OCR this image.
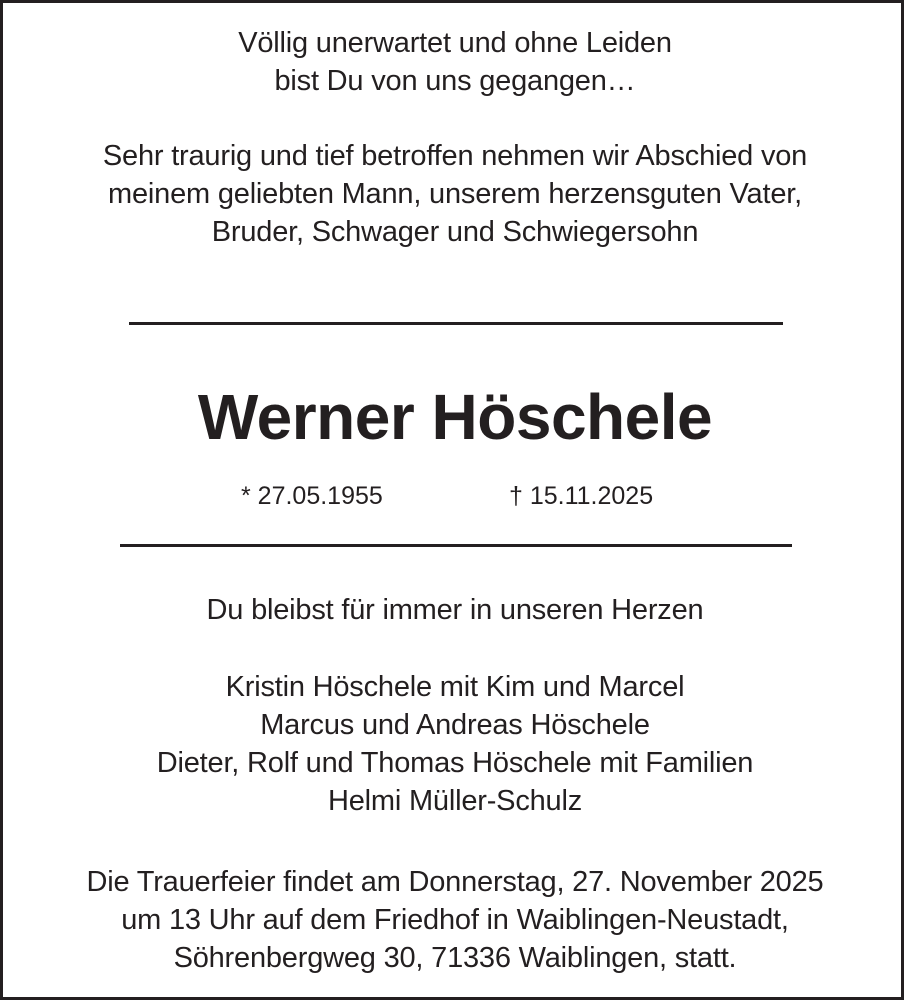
Völlig unerwartet und ohne Leiden
bist Du von uns gegangen…
Sehr traurig und tief betroffen nehmen wir Abschied von
meinem geliebten Mann, unserem herzensguten Vater,
Bruder, Schwager und Schwiegersohn
Werner Höschele
* 27.05.1955	† 15.11.2025
Du bleibst für immer in unseren Herzen
Kristin Höschele mit Kim und Marcel
Marcus und Andreas Höschele
Dieter, Rolf und Thomas Höschele mit Familien
Helmi Müller-Schulz
Die Trauerfeier findet am Donnerstag, 27. November 2025
um 13 Uhr auf dem Friedhof in Waiblingen-Neustadt,
Söhrenbergweg 30, 71336 Waiblingen, statt.
